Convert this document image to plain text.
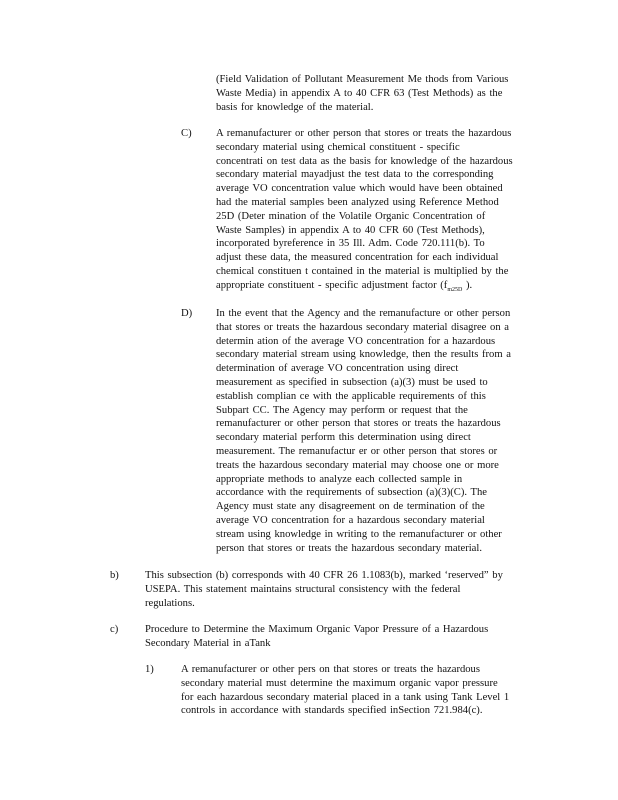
(Field Validation of Pollutant Measurement Me thods from Various
Waste Media) in appendix A to 40 CFR 63 (Test Methods) as the
basis for knowledge of the material.
C) A remanufacturer or other person that stores or treats the hazardous
secondary material using chemical constituent - specific
concentrati on test data as the basis for knowledge of the hazardous
secondary material mayadjust the test data to the corresponding
average VO concentration value which would have been obtained
had the material samples been analyzed using Reference Method
25D (Deter mination of the Volatile Organic Concentration of
Waste Samples) in appendix A to 40 CFR 60 (Test Methods),
incorporated byreference in 35 Ill. Adm. Code 720.111(b). To
adjust these data, the measured concentration for each individual
chemical constituen t contained in the material is multiplied by the
appropriate constituent - specific adjustment factor ($f_{m25D}$ ).
D) In the event that the Agency and the remanufacture or other person
that stores or treats the hazardous secondary material disagree on a
determin ation of the average VO concentration for a hazardous
secondary material stream using knowledge, then the results from a
determination of average VO concentration using direct
measurement as specified in subsection (a)(3) must be used to
establish complian ce with the applicable requirements of this
Subpart CC. The Agency may perform or request that the
remanufacturer or other person that stores or treats the hazardous
secondary material perform this determination using direct
measurement. The remanufactur er or other person that stores or
treats the hazardous secondary material may choose one or more
appropriate methods to analyze each collected sample in
accordance with the requirements of subsection (a)(3)(C). The
Agency must state any disagreement on de termination of the
average VO concentration for a hazardous secondary material
stream using knowledge in writing to the remanufacturer or other
person that stores or treats the hazardous secondary material.
b) This subsection (b) corresponds with 40 CFR 26 1.1083(b), marked ‘reserved” by
USEPA. This statement maintains structural consistency with the federal
regulations.
c)	Procedure to Determine the Maximum Organic Vapor Pressure of a Hazardous
Secondary Material in aTank
1)	A remanufacturer or other pers on that stores or treats the hazardous
secondary material must determine the maximum organic vapor pressure
for each hazardous secondary material placed in a tank using Tank Level 1
controls in accordance with standards specified inSection 721.984(c).
